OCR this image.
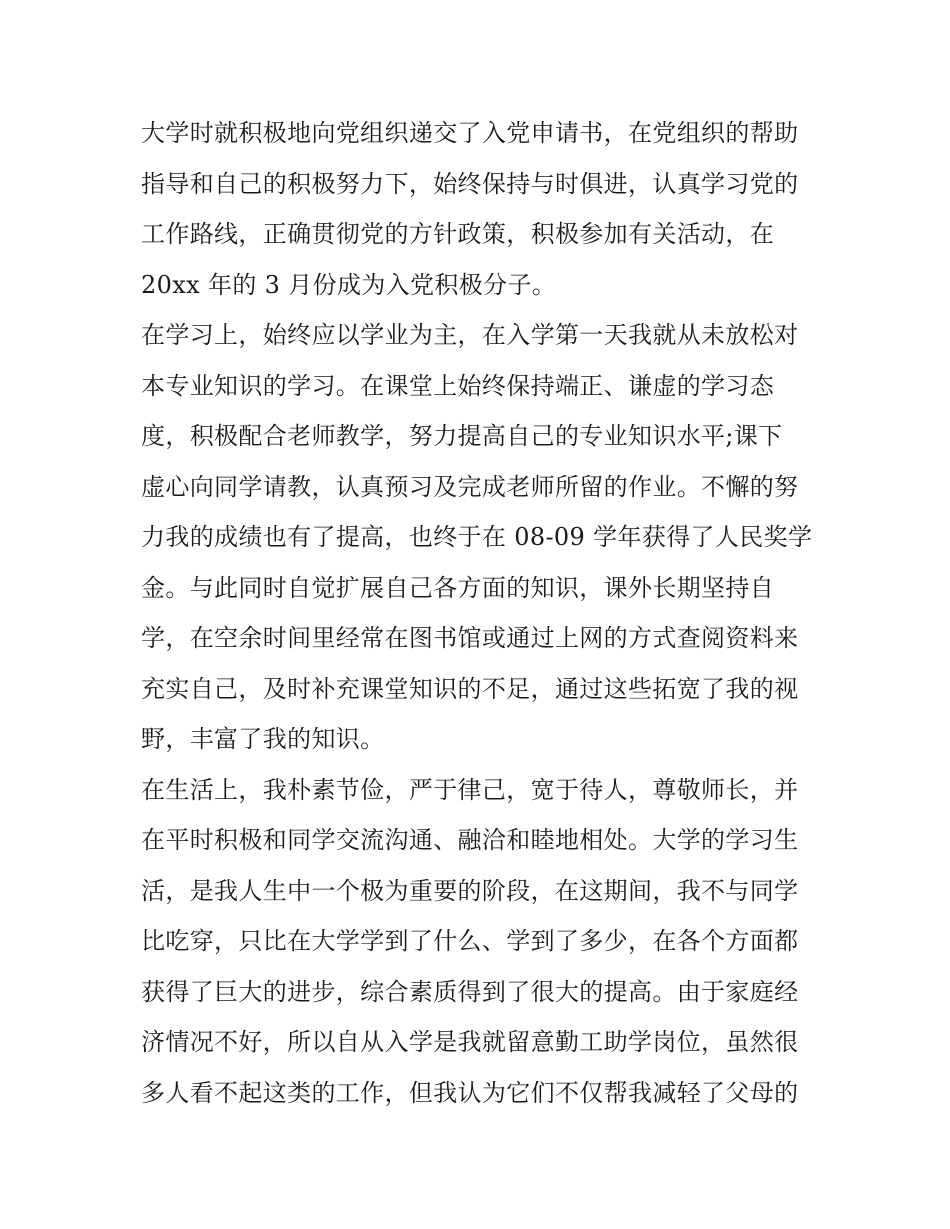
大学时就积极地向党组织递交了入党申请书，在党组织的帮助
指导和自己的积极努力下，始终保持与时俱进，认真学习党的
工作路线，正确贯彻党的方针政策，积极参加有关活动，在
20xx 年的 3 月份成为入党积极分子。
在学习上，始终应以学业为主，在入学第一天我就从未放松对
本专业知识的学习。在课堂上始终保持端正、谦虚的学习态
度，积极配合老师教学，努力提高自己的专业知识水平;课下
虚心向同学请教，认真预习及完成老师所留的作业。不懈的努
力我的成绩也有了提高，也终于在 08-09 学年获得了人民奖学
金。与此同时自觉扩展自己各方面的知识，课外长期坚持自
学，在空余时间里经常在图书馆或通过上网的方式查阅资料来
充实自己，及时补充课堂知识的不足，通过这些拓宽了我的视
野，丰富了我的知识。
在生活上，我朴素节俭，严于律己，宽于待人，尊敬师长，并
在平时积极和同学交流沟通、融洽和睦地相处。大学的学习生
活，是我人生中一个极为重要的阶段，在这期间，我不与同学
比吃穿，只比在大学学到了什么、学到了多少，在各个方面都
获得了巨大的进步，综合素质得到了很大的提高。由于家庭经
济情况不好，所以自从入学是我就留意勤工助学岗位，虽然很
多人看不起这类的工作，但我认为它们不仅帮我减轻了父母的
